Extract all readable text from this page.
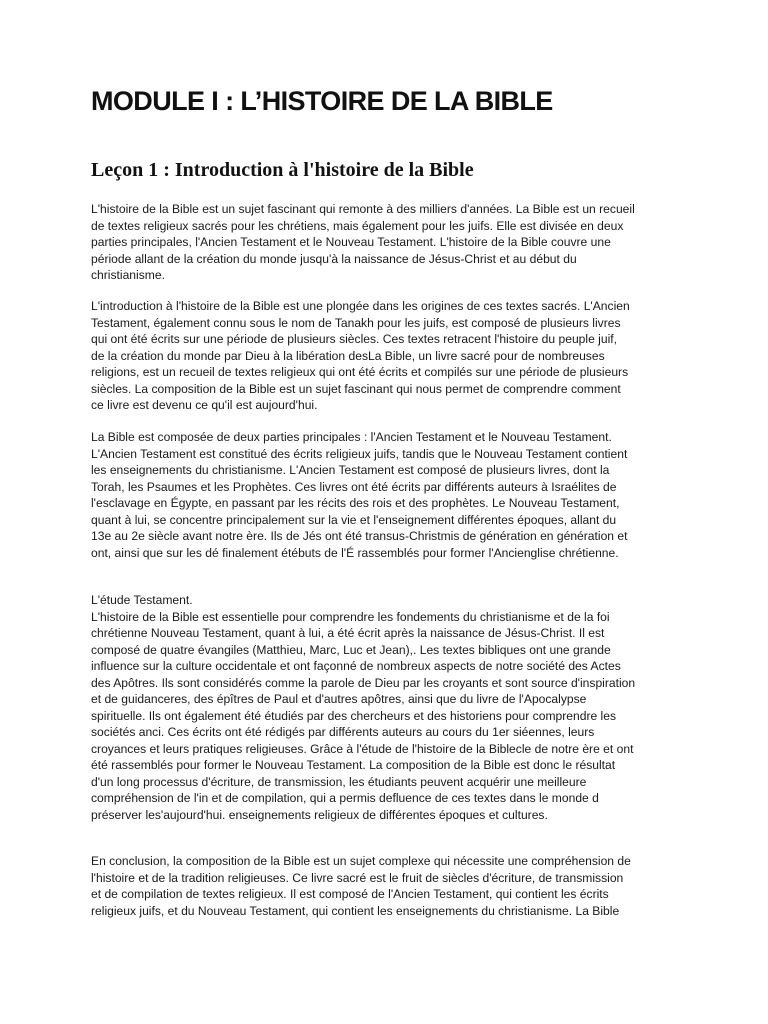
MODULE I : L’HISTOIRE DE LA BIBLE
Leçon 1 : Introduction à l'histoire de la Bible

L'histoire de la Bible est un sujet fascinant qui remonte à des milliers d'années. La Bible est un recueil
de textes religieux sacrés pour les chrétiens, mais également pour les juifs. Elle est divisée en deux
parties principales, l'Ancien Testament et le Nouveau Testament. L'histoire de la Bible couvre une
période allant de la création du monde jusqu'à la naissance de Jésus-Christ et au début du
christianisme.

L'introduction à l'histoire de la Bible est une plongée dans les origines de ces textes sacrés. L'Ancien
Testament, également connu sous le nom de Tanakh pour les juifs, est composé de plusieurs livres
qui ont été écrits sur une période de plusieurs siècles. Ces textes retracent l'histoire du peuple juif,
de la création du monde par Dieu à la libération desLa Bible, un livre sacré pour de nombreuses
religions, est un recueil de textes religieux qui ont été écrits et compilés sur une période de plusieurs
siècles. La composition de la Bible est un sujet fascinant qui nous permet de comprendre comment
ce livre est devenu ce qu'il est aujourd'hui.

La Bible est composée de deux parties principales : l'Ancien Testament et le Nouveau Testament.
L'Ancien Testament est constitué des écrits religieux juifs, tandis que le Nouveau Testament contient
les enseignements du christianisme. L'Ancien Testament est composé de plusieurs livres, dont la
Torah, les Psaumes et les Prophètes. Ces livres ont été écrits par différents auteurs à Israélites de
l'esclavage en Égypte, en passant par les récits des rois et des prophètes. Le Nouveau Testament,
quant à lui, se concentre principalement sur la vie et l'enseignement différentes époques, allant du
13e au 2e siècle avant notre ère. Ils de Jés ont été transus-Christmis de génération en génération et
ont, ainsi que sur les dé finalement étébuts de l'É rassemblés pour former l'Ancienglise chrétienne.

L'étude Testament.
L'histoire de la Bible est essentielle pour comprendre les fondements du christianisme et de la foi
chrétienne Nouveau Testament, quant à lui, a été écrit après la naissance de Jésus-Christ. Il est
composé de quatre évangiles (Matthieu, Marc, Luc et Jean),. Les textes bibliques ont une grande
influence sur la culture occidentale et ont façonné de nombreux aspects de notre société des Actes
des Apôtres. Ils sont considérés comme la parole de Dieu par les croyants et sont source d'inspiration
et de guidanceres, des épîtres de Paul et d'autres apôtres, ainsi que du livre de l'Apocalypse
spirituelle. Ils ont également été étudiés par des chercheurs et des historiens pour comprendre les
sociétés anci. Ces écrits ont été rédigés par différents auteurs au cours du 1er siéennes, leurs
croyances et leurs pratiques religieuses. Grâce à l'étude de l'histoire de la Biblecle de notre ère et ont
été rassemblés pour former le Nouveau Testament. La composition de la Bible est donc le résultat
d'un long processus d'écriture, de transmission, les étudiants peuvent acquérir une meilleure
compréhension de l'in et de compilation, qui a permis defluence de ces textes dans le monde d
préserver les'aujourd'hui. enseignements religieux de différentes époques et cultures.

En conclusion, la composition de la Bible est un sujet complexe qui nécessite une compréhension de
l'histoire et de la tradition religieuses. Ce livre sacré est le fruit de siècles d'écriture, de transmission
et de compilation de textes religieux. Il est composé de l'Ancien Testament, qui contient les écrits
religieux juifs, et du Nouveau Testament, qui contient les enseignements du christianisme. La Bible
